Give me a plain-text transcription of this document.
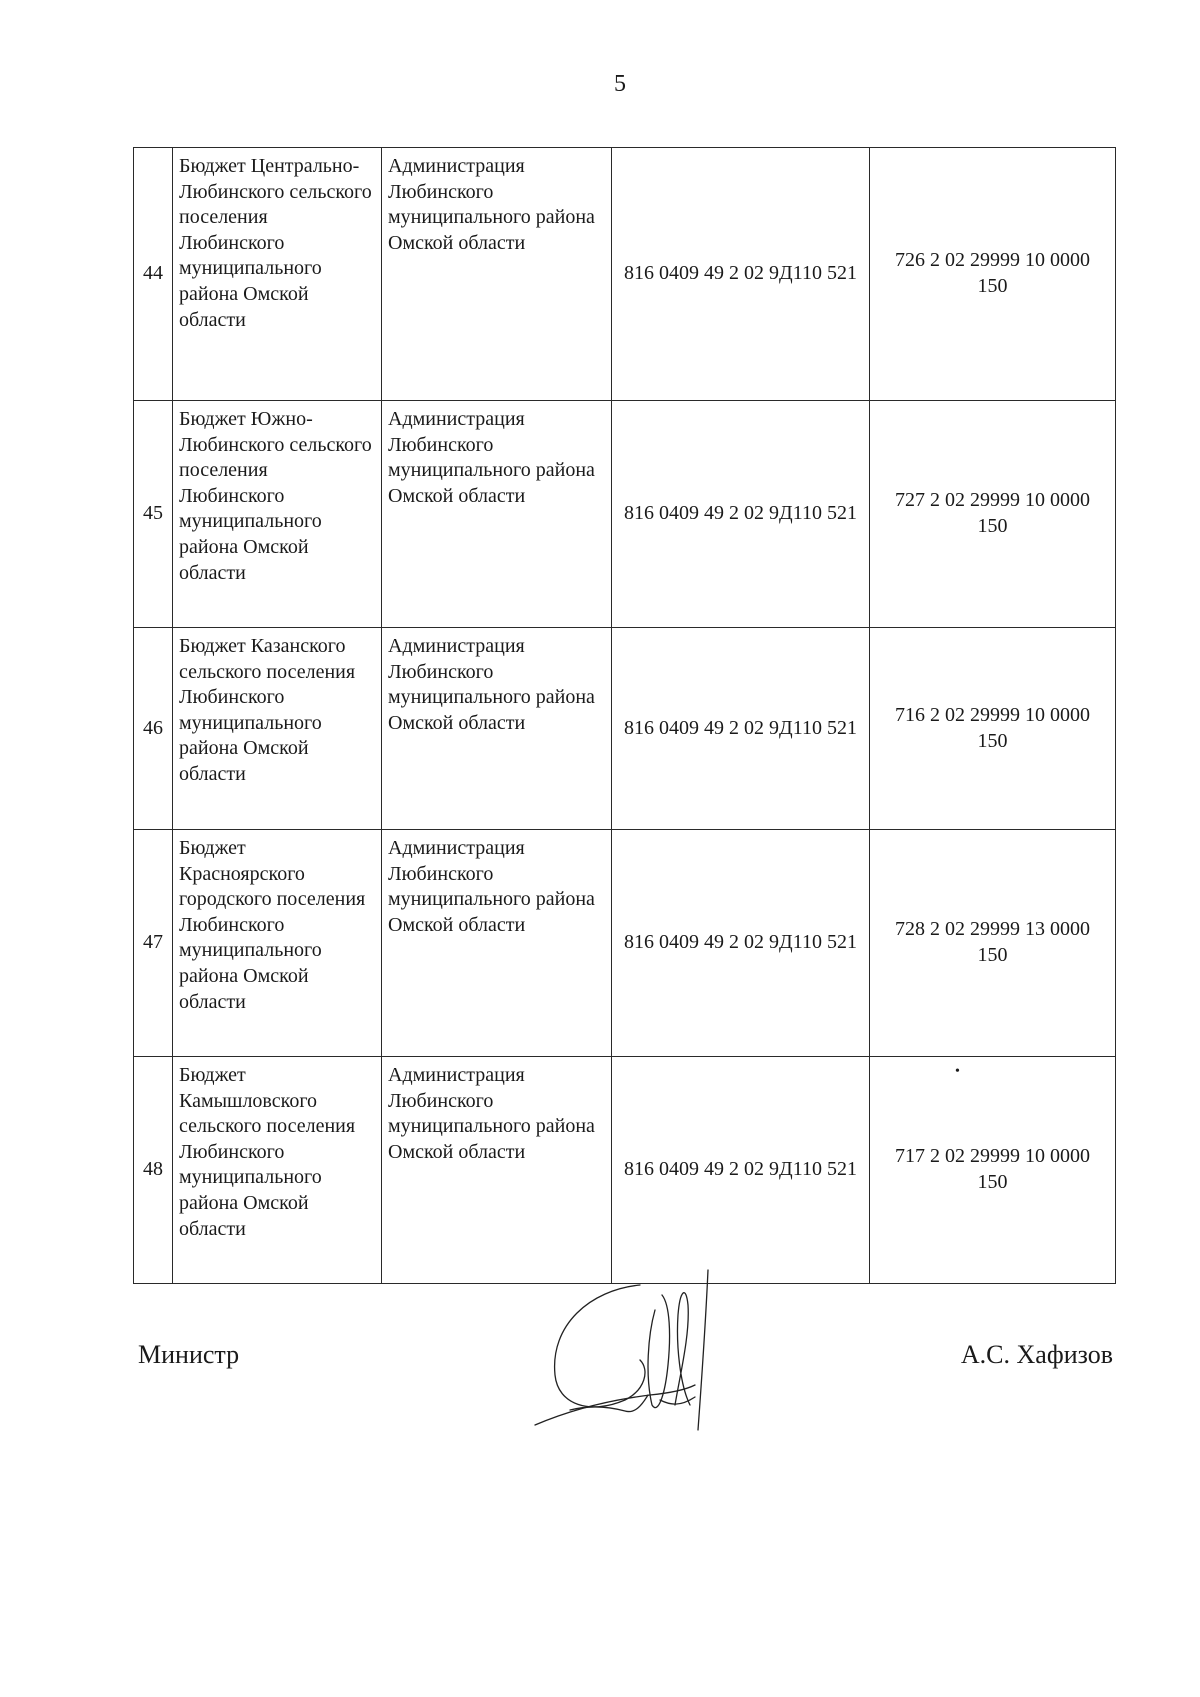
5
44	Бюджет Центрально-Любинского сельского поселения Любинского муниципального района Омской области	Администрация Любинского муниципального района Омской области	816 0409 49 2 02 9Д110 521	726 2 02 29999 10 0000 150
45	Бюджет Южно-Любинского сельского поселения Любинского муниципального района Омской области	Администрация Любинского муниципального района Омской области	816 0409 49 2 02 9Д110 521	727 2 02 29999 10 0000 150
46	Бюджет Казанского сельского поселения Любинского муниципального района Омской области	Администрация Любинского муниципального района Омской области	816 0409 49 2 02 9Д110 521	716 2 02 29999 10 0000 150
47	Бюджет Красноярского городского поселения Любинского муниципального района Омской области	Администрация Любинского муниципального района Омской области	816 0409 49 2 02 9Д110 521	728 2 02 29999 13 0000 150
48	Бюджет Камышловского сельского поселения Любинского муниципального района Омской области	Администрация Любинского муниципального района Омской области	816 0409 49 2 02 9Д110 521	717 2 02 29999 10 0000 150
•
Министр	А.С. Хафизов
